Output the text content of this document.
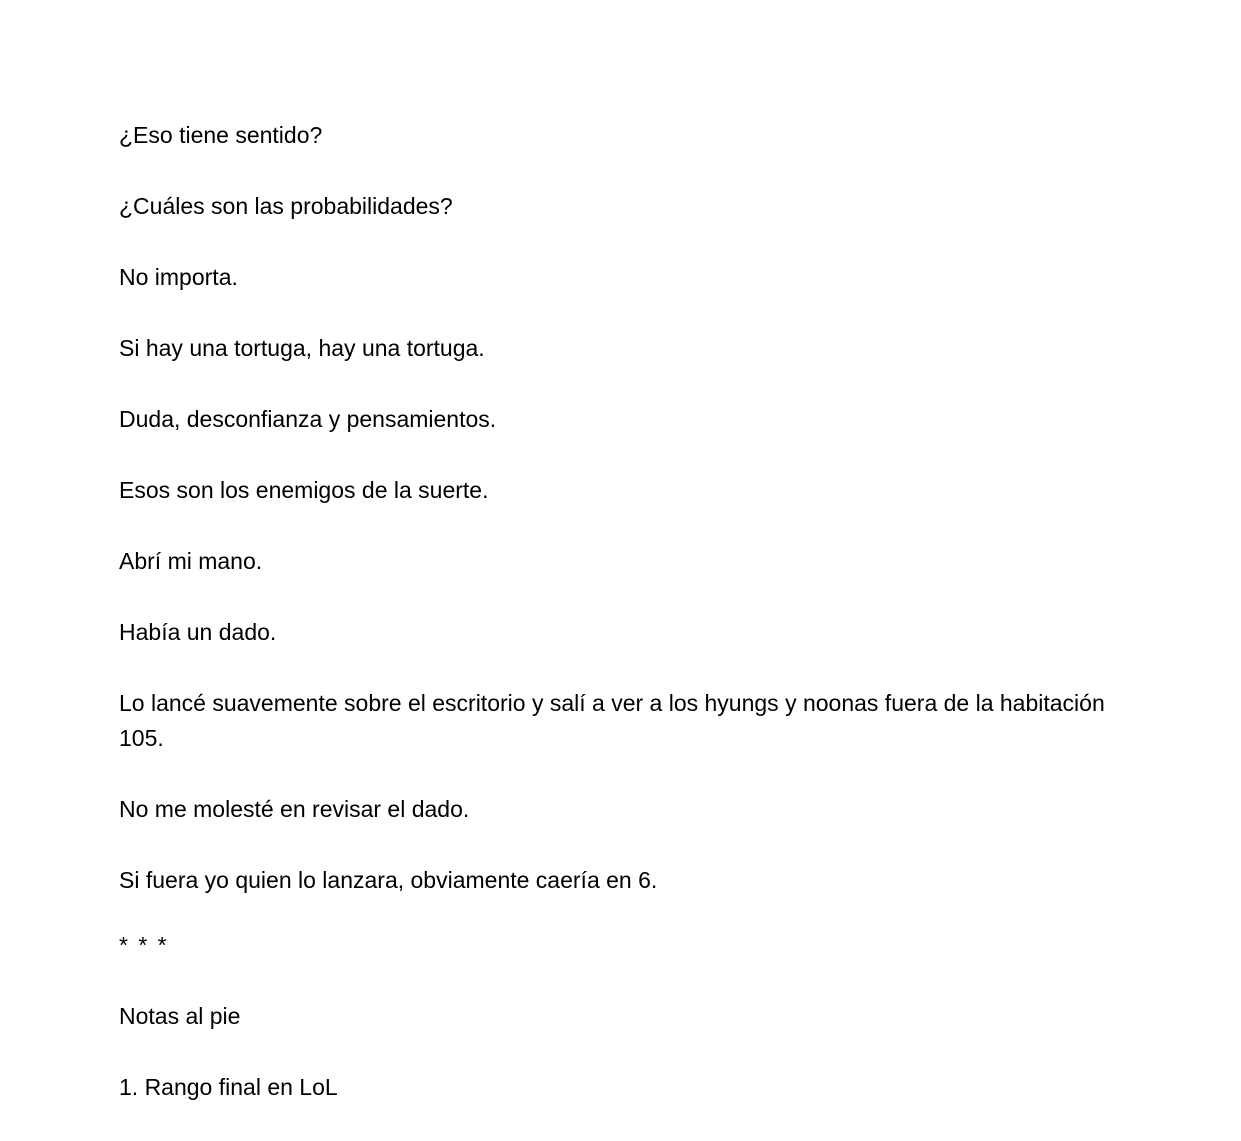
¿Eso tiene sentido?

¿Cuáles son las probabilidades?

No importa.

Si hay una tortuga, hay una tortuga.

Duda, desconfianza y pensamientos.

Esos son los enemigos de la suerte.

Abrí mi mano.

Había un dado.

Lo lancé suavemente sobre el escritorio y salí a ver a los hyungs y noonas fuera de la habitación 105.

No me molesté en revisar el dado.

Si fuera yo quien lo lanzara, obviamente caería en 6.

* * *

Notas al pie

1. Rango final en LoL
